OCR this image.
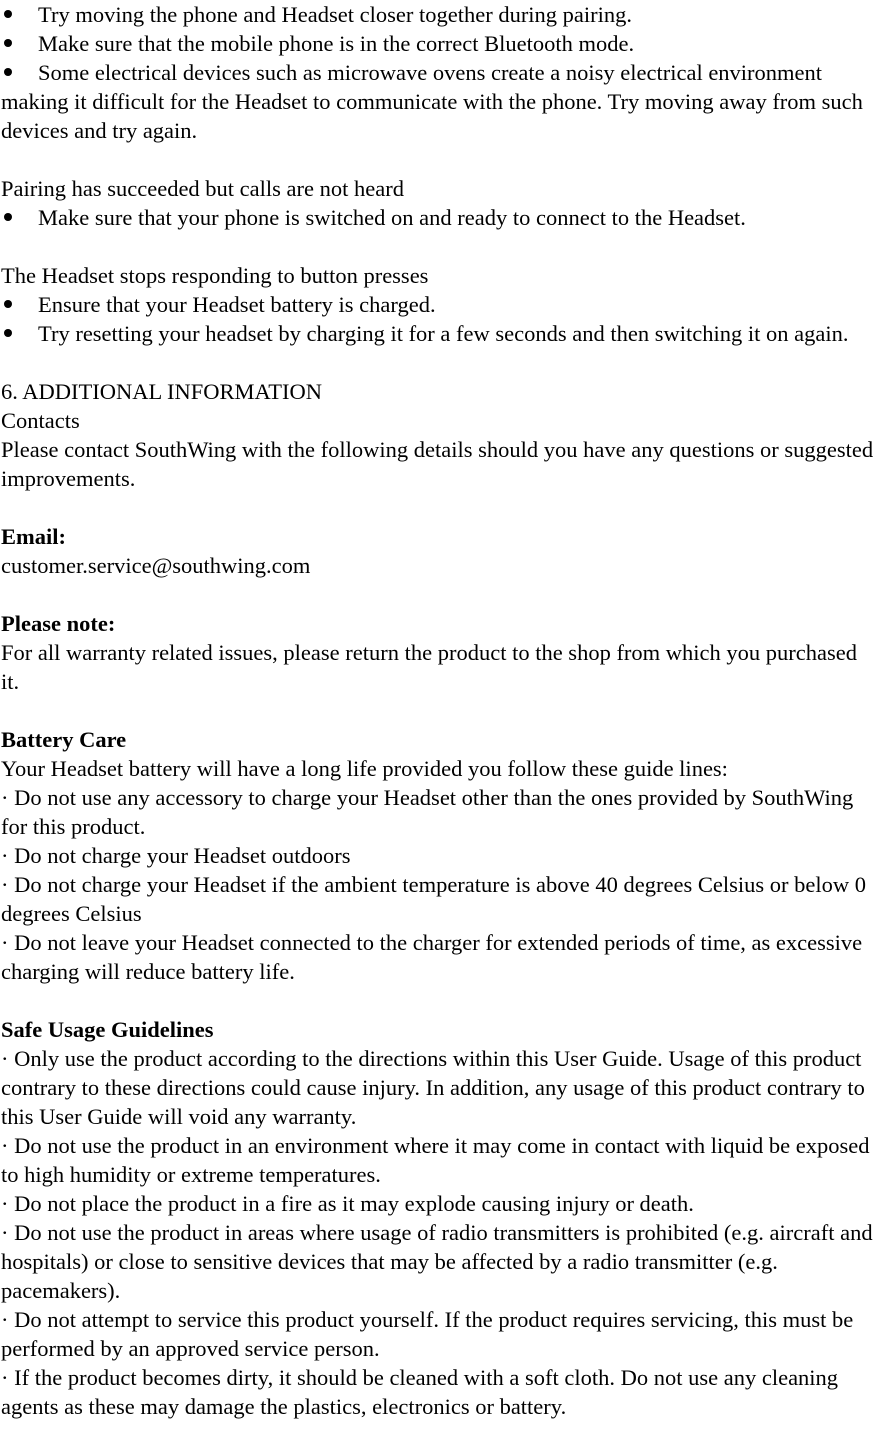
Try moving the phone and Headset closer together during pairing.

Make sure that the mobile phone is in the correct Bluetooth mode.

Some electrical devices such as microwave ovens create a noisy electrical environment making it difficult for the Headset to communicate with the phone. Try moving away from such devices and try again.

Pairing has succeeded but calls are not heard

Make sure that your phone is switched on and ready to connect to the Headset.

The Headset stops responding to button presses

Ensure that your Headset battery is charged.

Try resetting your headset by charging it for a few seconds and then switching it on again.

6. ADDITIONAL INFORMATION

Contacts

Please contact SouthWing with the following details should you have any questions or suggested improvements.

Email:

customer.service@southwing.com

Please note:

For all warranty related issues, please return the product to the shop from which you purchased it.

Battery Care

Your Headset battery will have a long life provided you follow these guide lines:

· Do not use any accessory to charge your Headset other than the ones provided by SouthWing for this product.

· Do not charge your Headset outdoors

· Do not charge your Headset if the ambient temperature is above 40 degrees Celsius or below 0 degrees Celsius

· Do not leave your Headset connected to the charger for extended periods of time, as excessive charging will reduce battery life.

Safe Usage Guidelines

· Only use the product according to the directions within this User Guide. Usage of this product contrary to these directions could cause injury. In addition, any usage of this product contrary to this User Guide will void any warranty.

· Do not use the product in an environment where it may come in contact with liquid be exposed to high humidity or extreme temperatures.

· Do not place the product in a fire as it may explode causing injury or death.

· Do not use the product in areas where usage of radio transmitters is prohibited (e.g. aircraft and hospitals) or close to sensitive devices that may be affected by a radio transmitter (e.g. pacemakers).

· Do not attempt to service this product yourself. If the product requires servicing, this must be performed by an approved service person.

· If the product becomes dirty, it should be cleaned with a soft cloth. Do not use any cleaning agents as these may damage the plastics, electronics or battery.
